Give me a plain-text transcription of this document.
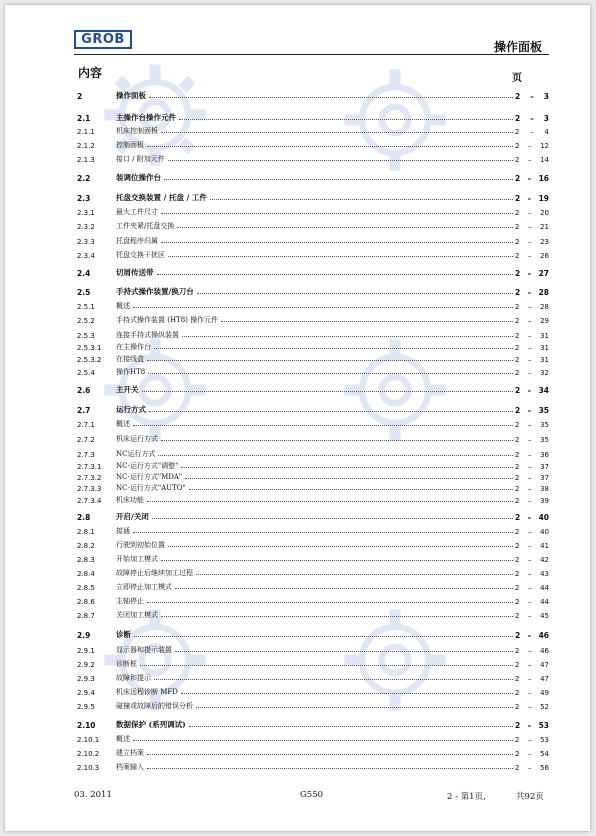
GROB	操作面板
内容	页
2	操作面板	2 – 3
2.1	主操作台操作元件	2 – 3
2.1.1	机床控制面板	2 – 4
2.1.2	控制面板	2 – 12
2.1.3	接口 / 附加元件	2 – 14
2.2	装调位操作台	2 – 16
2.3	托盘交换装置 / 托盘 / 工件	2 – 19
2.3.1	最大工件尺寸	2 – 20
2.3.2	工件夹紧/托盘交换	2 – 21
2.3.3	托盘程序归属	2 – 23
2.3.4	托盘交换干扰区	2 – 26
2.4	切屑传送带	2 – 27
2.5	手持式操作装置/换刀台	2 – 28
2.5.1	概述	2 – 28
2.5.2	手持式操作装置 (HT8) 操作元件	2 – 29
2.5.3	连接手持式操纵装置	2 – 31
2.5.3.1	在主操作台	2 – 31
2.5.3.2	在接线盒	2 – 31
2.5.4	操作HT8	2 – 32
2.6	主开关	2 – 34
2.7	运行方式	2 – 35
2.7.1	概述	2 – 35
2.7.2	机床运行方式	2 – 35
2.7.3	NC运行方式	2 – 36
2.7.3.1	NC-运行方式"调整"	2 – 37
2.7.3.2	NC-运行方式"MDA"	2 – 37
2.7.3.3	NC-运行方式"AUTO"	2 – 38
2.7.3.4	机床功能	2 – 39
2.8	开启/关闭	2 – 40
2.8.1	接通	2 – 40
2.8.2	行驶到初始位置	2 – 41
2.8.3	开始加工模式	2 – 42
2.8.4	故障停止后继续加工过程	2 – 43
2.8.5	立即停止加工模式	2 – 44
2.8.6	主轴停止	2 – 44
2.8.7	关闭加工模式	2 – 45
2.9	诊断	2 – 46
2.9.1	显示器和提示装置	2 – 46
2.9.2	诊断框	2 – 47
2.9.3	故障和提示	2 – 47
2.9.4	机床远程诊断 MFD	2 – 49
2.9.5	碰撞或故障后的错误分析	2 – 52
2.10	数据保护 (系列调试)	2 – 53
2.10.1	概述	2 – 53
2.10.2	建立档案	2 – 54
2.10.3	档案输入	2 – 56
03. 2011	G550	2 - 第1页,	共92页
